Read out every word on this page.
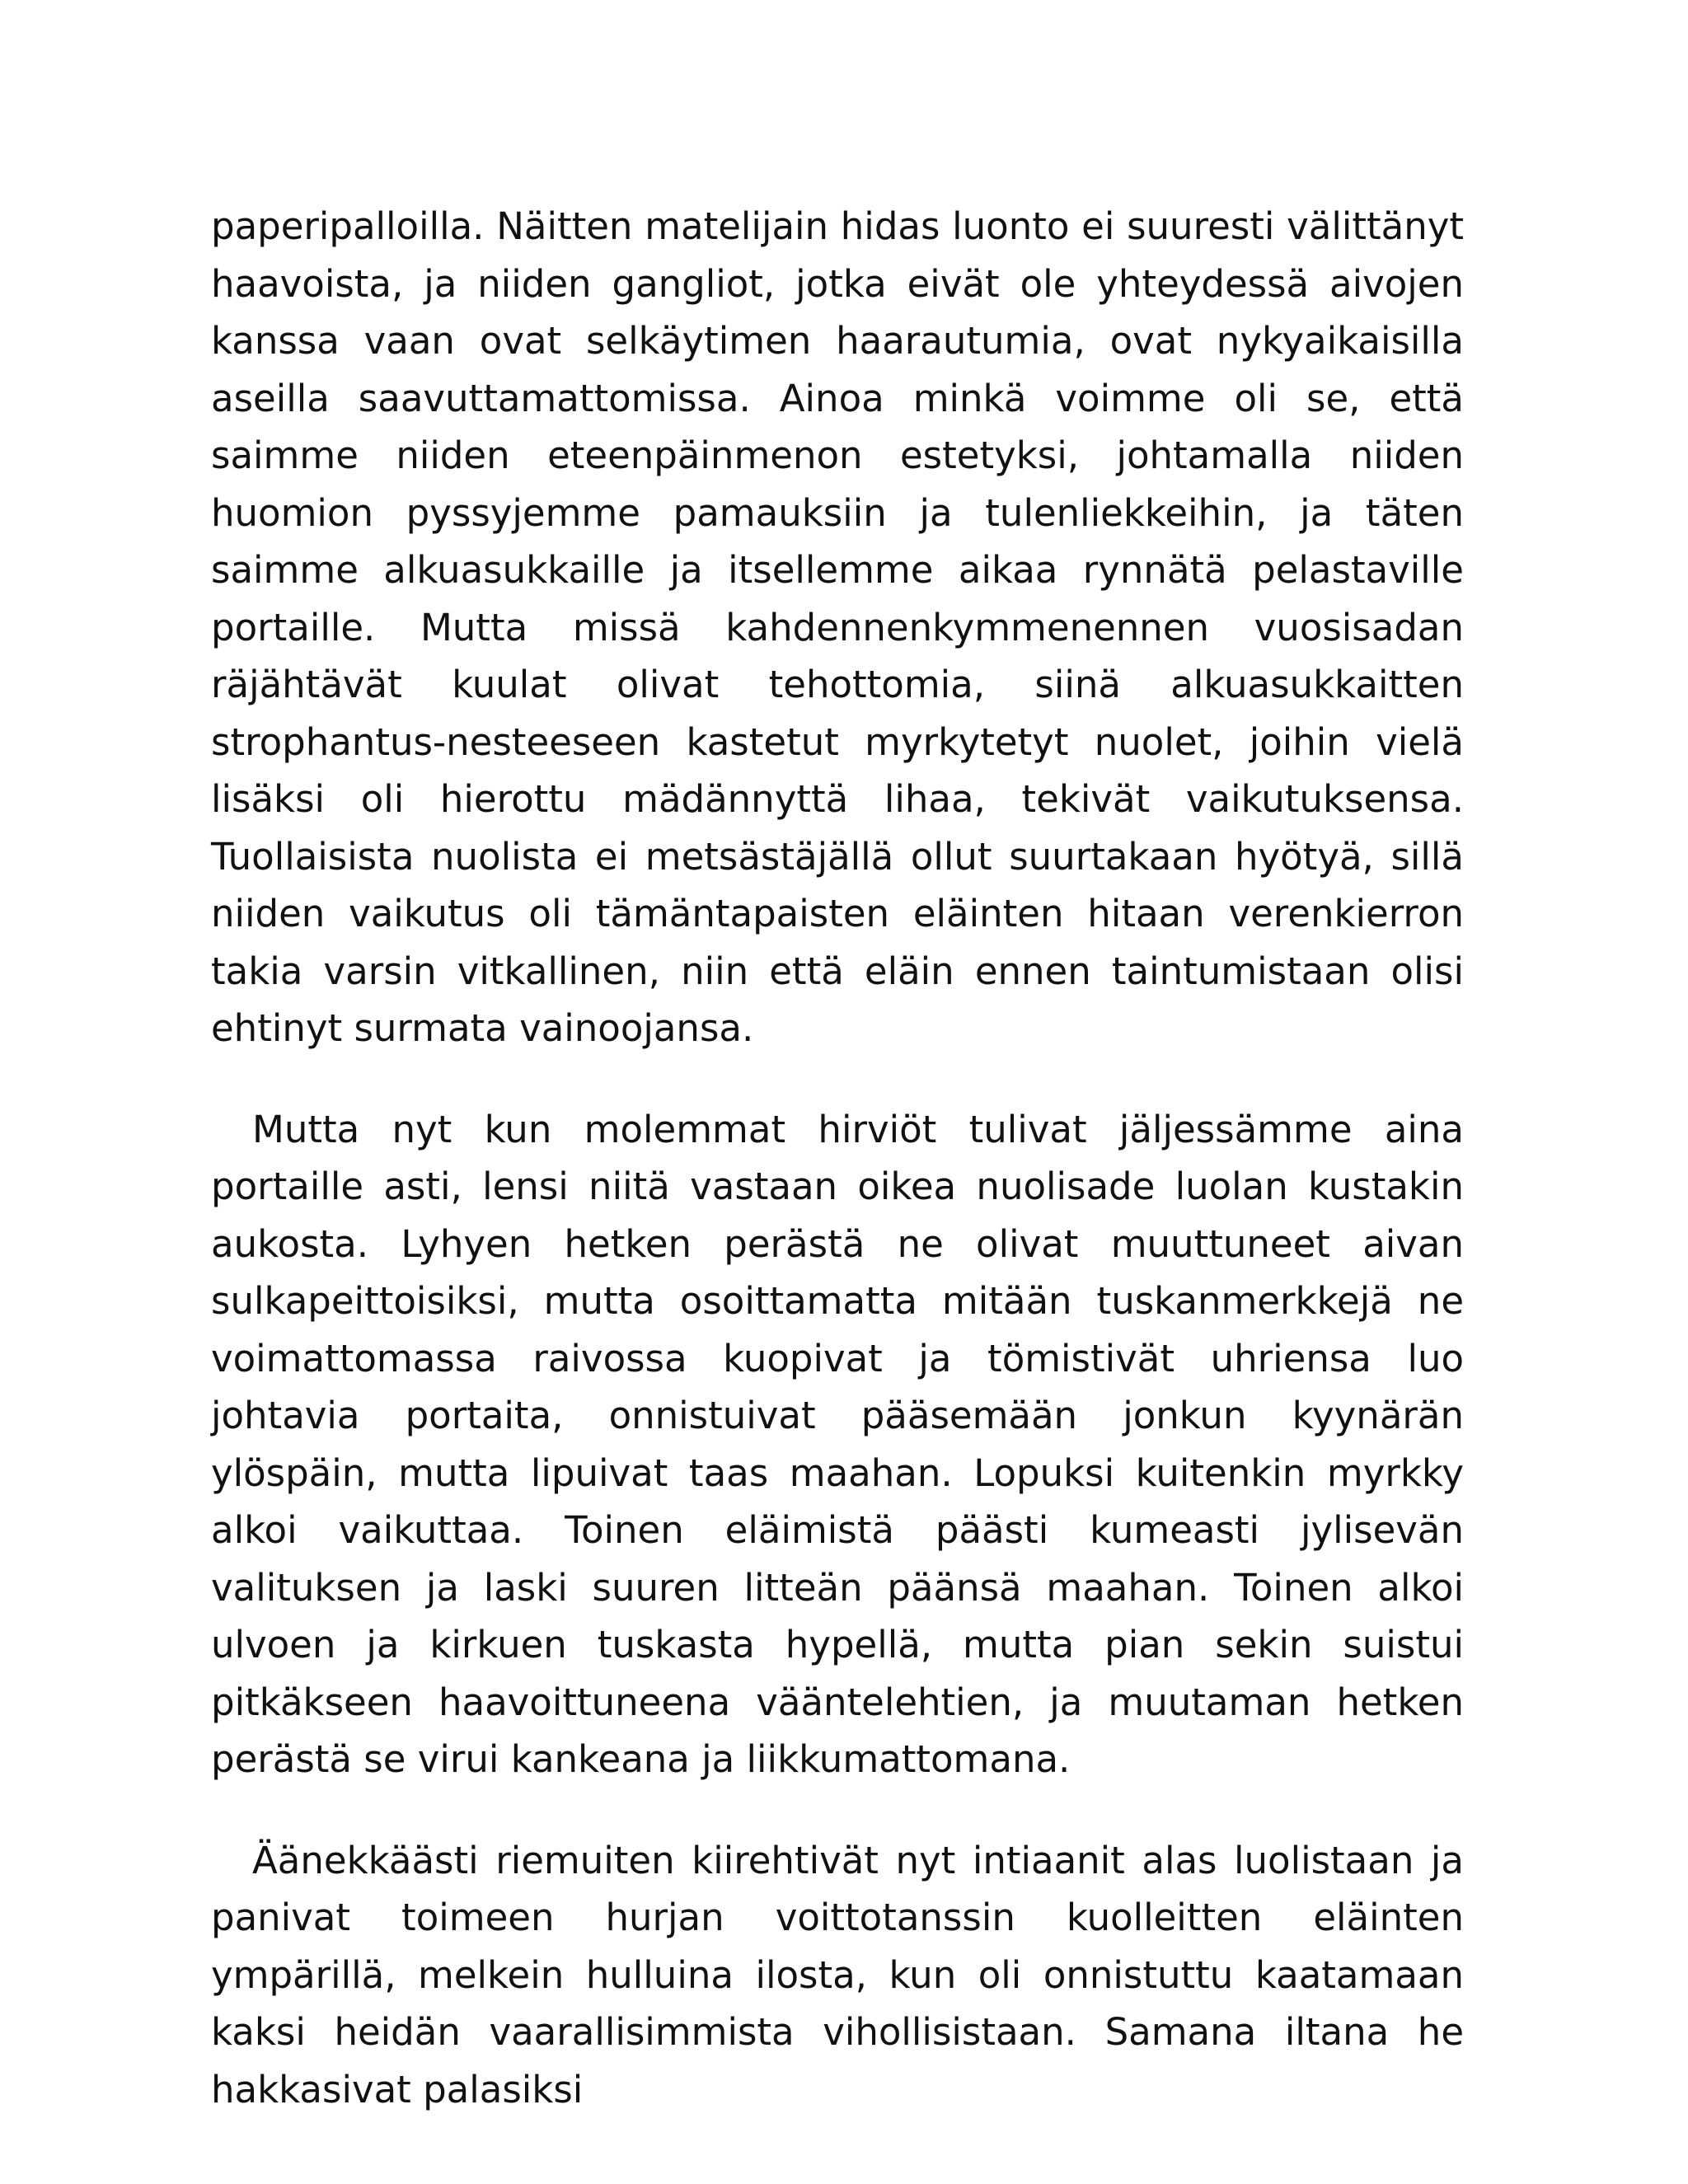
paperipalloilla. Näitten matelijain hidas luonto ei suuresti välittänyt haavoista, ja niiden gangliot, jotka eivät ole yhteydessä aivojen kanssa vaan ovat selkäytimen haarautumia, ovat nykyaikaisilla aseilla saavuttamattomissa. Ainoa minkä voimme oli se, että saimme niiden eteenpäinmenon estetyksi, johtamalla niiden huomion pyssyjemme pamauksiin ja tulenliekkeihin, ja täten saimme alkuasukkaille ja itsellemme aikaa rynnätä pelastaville portaille. Mutta missä kahdennenkymmenennen vuosisadan räjähtävät kuulat olivat tehottomia, siinä alkuasukkaitten strophantus-nesteeseen kastetut myrkytetyt nuolet, joihin vielä lisäksi oli hierottu mädännyttä lihaa, tekivät vaikutuksensa. Tuollaisista nuolista ei metsästäjällä ollut suurtakaan hyötyä, sillä niiden vaikutus oli tämäntapaisten eläinten hitaan verenkierron takia varsin vitkallinen, niin että eläin ennen taintumistaan olisi ehtinyt surmata vainoojansa.

Mutta nyt kun molemmat hirviöt tulivat jäljessämme aina portaille asti, lensi niitä vastaan oikea nuolisade luolan kustakin aukosta. Lyhyen hetken perästä ne olivat muuttuneet aivan sulkapeittoisiksi, mutta osoittamatta mitään tuskanmerkkejä ne voimattomassa raivossa kuopivat ja tömistivät uhriensa luo johtavia portaita, onnistuivat pääsemään jonkun kyynärän ylöspäin, mutta lipuivat taas maahan. Lopuksi kuitenkin myrkky alkoi vaikuttaa. Toinen eläimistä päästi kumeasti jylisevän valituksen ja laski suuren litteän päänsä maahan. Toinen alkoi ulvoen ja kirkuen tuskasta hypellä, mutta pian sekin suistui pitkäkseen haavoittuneena vääntelehtien, ja muutaman hetken perästä se virui kankeana ja liikkumattomana.

Äänekkäästi riemuiten kiirehtivät nyt intiaanit alas luolistaan ja panivat toimeen hurjan voittotanssin kuolleitten eläinten ympärillä, melkein hulluina ilosta, kun oli onnistuttu kaatamaan kaksi heidän vaarallisimmista vihollisistaan. Samana iltana he hakkasivat palasiksi
